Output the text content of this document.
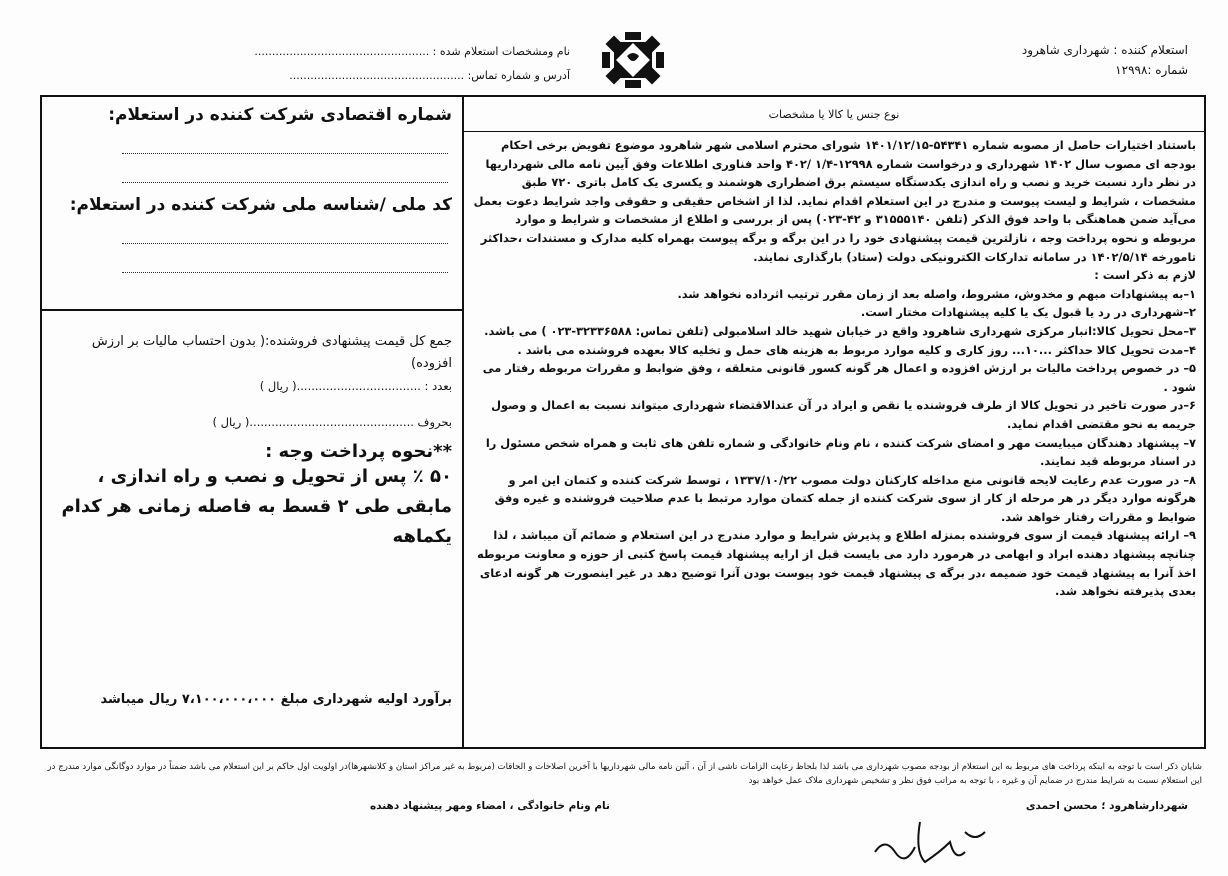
استعلام کننده : شهرداری شاهرود
شماره :۱۲۹۹۸
نام ومشخصات استعلام شده : ..................................................
آدرس و شماره تماس: ..................................................
شماره اقتصادی شرکت کننده در استعلام:
کد ملی /شناسه ملی شرکت کننده در استعلام:
جمع کل قیمت پیشنهادی فروشنده:( بدون احتساب مالیات بر ارزش افزوده)
بعدد : ..................................( ریال )
بحروف .............................................( ریال )
**نحوه پرداخت وجه :
۵۰ ٪ پس از تحویل و نصب و راه اندازی ، مابقی طی ۲ قسط به فاصله زمانی هر کدام یکماهه
برآورد اولیه شهرداری مبلغ ۷،۱۰۰،۰۰۰،۰۰۰ ریال میباشد
نوع جنس یا کالا یا مشخصات

باستناد اختیارات حاصل از مصوبه شماره ۵۴۳۴۱-۱۴۰۱/۱۲/۱۵ شورای محترم اسلامی شهر شاهرود موضوع تفویض برخی احکام بودجه ای مصوب سال ۱۴۰۲ شهرداری و درخواست شماره ۱۲۹۹۸-۱/۴ /۴۰۲ واحد فناوری اطلاعات وفق آیین نامه مالی شهرداریها در نظر دارد نسبت خرید و نصب و راه اندازی یکدستگاه سیستم برق اضطراری هوشمند و یکسری یک کامل باتری ۷۲۰ طبق مشخصات ، شرایط و لیست پیوست و مندرج در این استعلام اقدام نماید. لذا از اشخاص حقیقی و حقوقی واجد شرایط دعوت بعمل می‌آید ضمن هماهنگی با واحد فوق الذکر (تلفن ۳۱۵۵۵۱۴۰ و ۴۲-۰۲۳) پس از بررسی و اطلاع از مشخصات و شرایط و موارد مربوطه و نحوه پرداخت وجه ، نازلترین قیمت پیشنهادی خود را در این برگه و برگه پیوست بهمراه کلیه مدارک و مستندات ،حداکثر تامورخه ۱۴۰۲/۵/۱۴ در سامانه تدارکات الکترونیکی دولت (ستاد) بارگذاری نمایند.

لازم به ذکر است :

۱–به پیشنهادات مبهم و مخدوش، مشروط، واصله بعد از زمان مقرر ترتیب اثرداده نخواهد شد.

۲–شهرداری در رد یا قبول یک یا کلیه پیشنهادات مختار است.

۳–محل تحویل کالا:انبار مرکزی شهرداری شاهرود واقع در خیابان شهید خالد اسلامبولی (تلفن تماس: ۳۲۳۳۶۵۸۸-۰۲۳ ) می باشد.

۴–مدت تحویل کالا حداکثر ...۱۰... روز کاری و کلیه موارد مربوط به هزینه های حمل و تخلیه کالا بعهده فروشنده می باشد .

۵– در خصوص پرداخت مالیات بر ارزش افزوده و اعمال هر گونه کسور قانونی متعلقه ، وفق ضوابط و مقررات مربوطه رفتار می شود .

۶–در صورت تاخیر در تحویل کالا از طرف فروشنده یا نقص و ایراد در آن عندالاقتضاء شهرداری میتواند نسبت به اعمال و وصول جریمه به نحو مقتضی اقدام نماید.

۷– پیشنهاد دهندگان میبایست مهر و امضای شرکت کننده ، نام ونام خانوادگی و شماره تلفن های ثابت و همراه شخص مسئول را در اسناد مربوطه قید نمایند.

۸– در صورت عدم رعایت لایحه قانونی منع مداخله کارکنان دولت مصوب ۱۳۳۷/۱۰/۲۲ ، توسط شرکت کننده و کتمان این امر و هرگونه موارد دیگر در هر مرحله از کار از سوی شرکت کننده از جمله کتمان موارد مرتبط با عدم صلاحیت فروشنده و غیره وفق ضوابط و مقررات رفتار خواهد شد.

۹– ارائه پیشنهاد قیمت از سوی فروشنده بمنزله اطلاع و پذیرش شرایط و موارد مندرج در این استعلام و ضمائم آن میباشد ، لذا چنانچه پیشنهاد دهنده ابراد و ابهامی در هرمورد دارد می بایست قبل از ارایه پیشنهاد قیمت پاسخ کتبی از حوزه و معاونت مربوطه اخذ آنرا به پیشنهاد قیمت خود ضمیمه ،در برگه ی پیشنهاد قیمت خود پیوست بودن آنرا توضیح دهد در غیر اینصورت هر گونه ادعای بعدی پذیرفته نخواهد شد.

شایان ذکر است با توجه به اینکه پرداخت های مربوط به این استعلام از بودجه مصوب شهرداری می باشد لذا بلحاظ رعایت الزامات ناشی از آن ، آئین نامه مالی شهرداریها با آخرین اصلاحات و الحاقات (مربوط به غیر مراکز استان و کلانشهرها)در اولویت اول حاکم بر این استعلام می باشد ضمناً در موارد دوگانگی موارد مندرج در این استعلام نسبت به شرایط مندرج در ضمایم آن و غیره ، با توجه به مراتب فوق نظر و تشخیص شهرداری ملاک عمل خواهد بود
شهردارشاهرود ؛ محسن احمدی
نام ونام خانوادگی ، امضاء ومهر پیشنهاد دهنده
